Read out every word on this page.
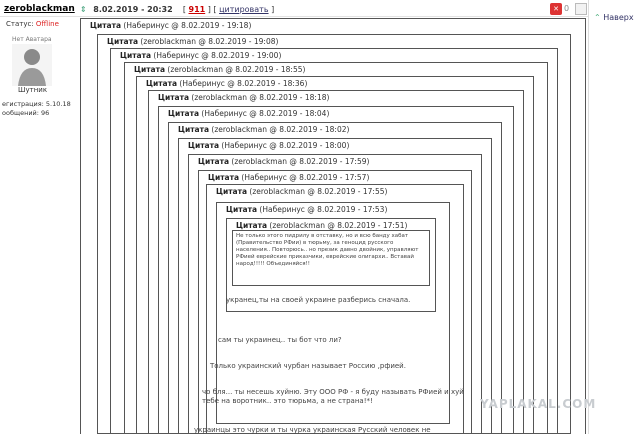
zeroblackman
Статус: Offline
Нет Аватара
Шутник
егистрация: 5.10.18
ообщений: 96
⇕ 8.02.2019 - 20:32    [ 911 ] [ цитировать ]	✕ 0
⌃ Наверх
Цитата (Наберинус @ 8.02.2019 - 19:18)
Цитата (zeroblackman @ 8.02.2019 - 19:08)
Цитата (Наберинус @ 8.02.2019 - 19:00)
Цитата (zeroblackman @ 8.02.2019 - 18:55)
Цитата (Наберинус @ 8.02.2019 - 18:36)
Цитата (zeroblackman @ 8.02.2019 - 18:18)
Цитата (Наберинус @ 8.02.2019 - 18:04)
Цитата (zeroblackman @ 8.02.2019 - 18:02)
Цитата (Наберинус @ 8.02.2019 - 18:00)
Цитата (zeroblackman @ 8.02.2019 - 17:59)
Цитата (Наберинус @ 8.02.2019 - 17:57)
Цитата (zeroblackman @ 8.02.2019 - 17:55)
Цитата (Наберинус @ 8.02.2019 - 17:53)
Цитата (zeroblackman @ 8.02.2019 - 17:51)
Не только этого пидрилу в отставку, но и всю банду хабат (Правительство РФии) в тюрьму, за геноцид русского населения.. Повторюсь.. но презик давно двойник, управляют РФией еврейские приказчики, еврейские олигархи.. Вставай народ!!!!! Объединяйся!!
укранец,ты на своей украине разберись сначала.
сам ты украинец.. ты бот что ли?
Только украинский чурбан называет Россию ,рфией.
чо бля... ты несешь хуйню. Эту ООО РФ - я буду называть РФией и хуй тебе на воротник.. это тюрьма, а не страна!*!
украинцы это чурки и ты чурка украинская Русский человек не
YAPLAKAL.COM
